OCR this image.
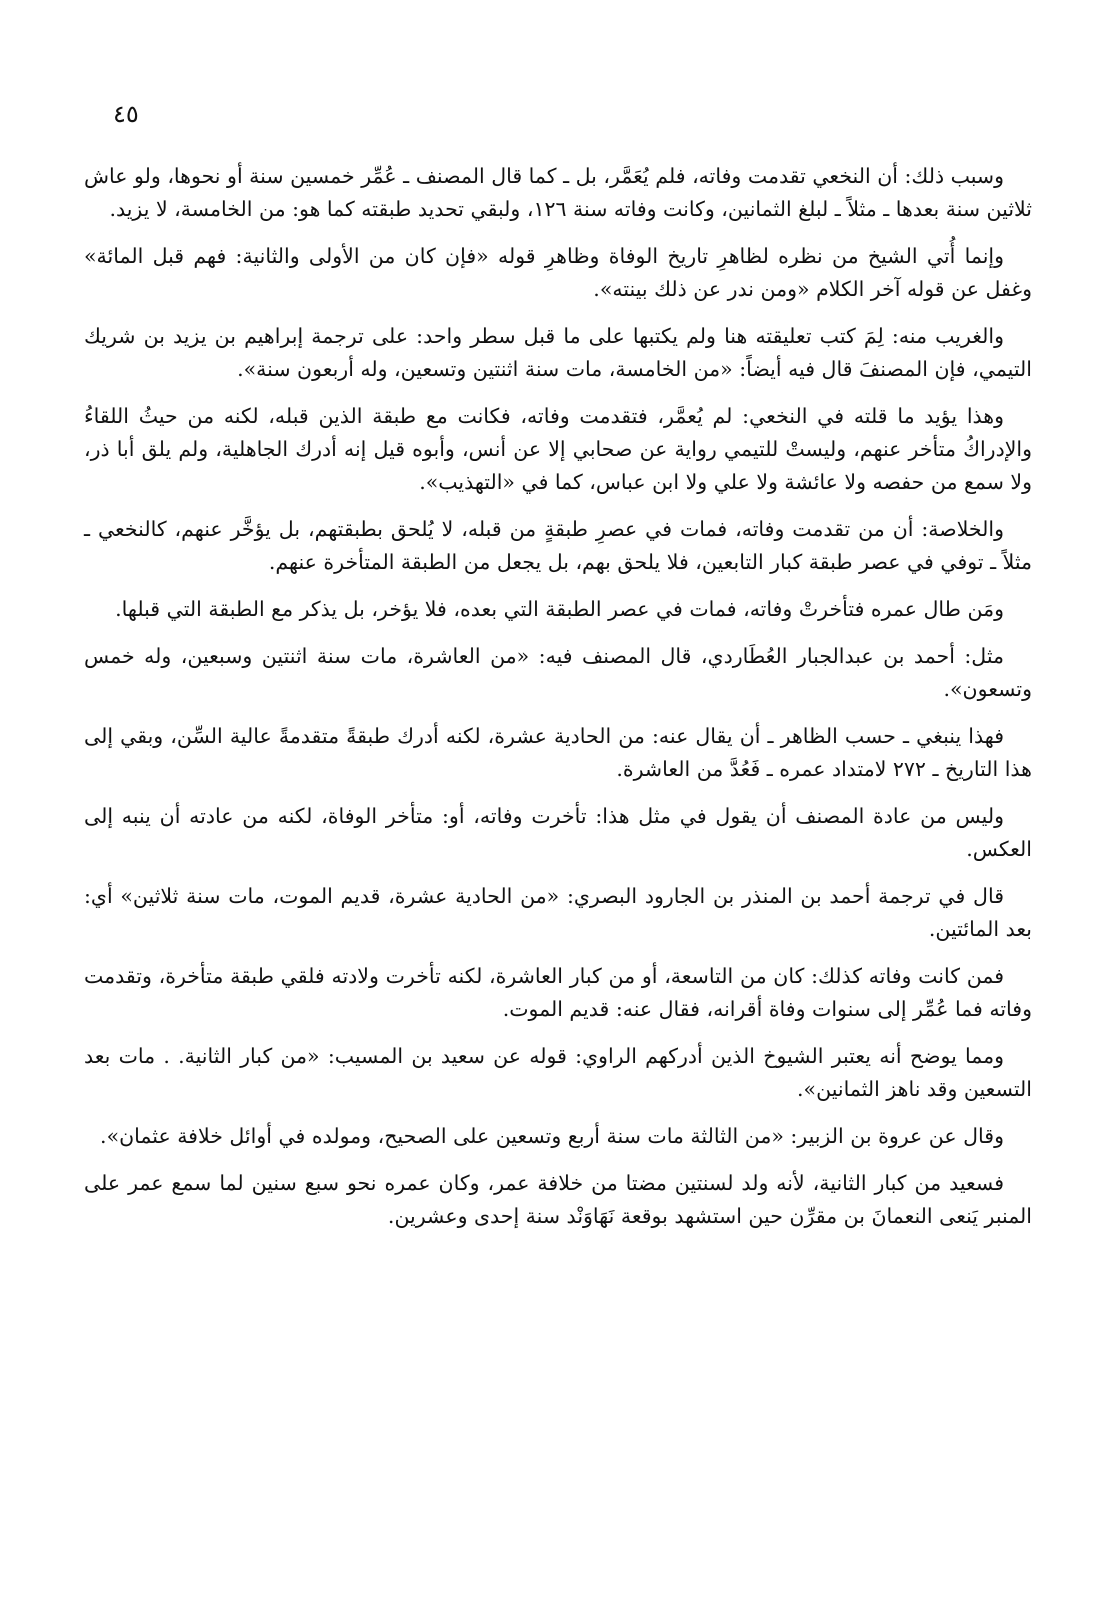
٤٥

وسبب ذلك: أن النخعي تقدمت وفاته، فلم يُعَمَّر، بل ـ كما قال المصنف ـ عُمِّر خمسين سنة أو نحوها، ولو عاش ثلاثين سنة بعدها ـ مثلاً ـ لبلغ الثمانين، وكانت وفاته سنة ١٢٦، ولبقي تحديد طبقته كما هو: من الخامسة، لا يزيد.

وإنما أُتي الشيخ من نظره لظاهرِ تاريخ الوفاة وظاهرِ قوله «فإن كان من الأولى والثانية: فهم قبل المائة» وغفل عن قوله آخر الكلام «ومن ندر عن ذلك بينته».

والغريب منه: لِمَ كتب تعليقته هنا ولم يكتبها على ما قبل سطر واحد: على ترجمة إبراهيم بن يزيد بن شريك التيمي، فإن المصنفَ قال فيه أيضاً: «من الخامسة، مات سنة اثنتين وتسعين، وله أربعون سنة».

وهذا يؤيد ما قلته في النخعي: لم يُعمَّر، فتقدمت وفاته، فكانت مع طبقة الذين قبله، لكنه من حيثُ اللقاءُ والإدراكُ متأخر عنهم، وليستْ للتيمي رواية عن صحابي إلا عن أنس، وأبوه قيل إنه أدرك الجاهلية، ولم يلق أبا ذر، ولا سمع من حفصه ولا عائشة ولا علي ولا ابن عباس، كما في «التهذيب».

والخلاصة: أن من تقدمت وفاته، فمات في عصرِ طبقةٍ من قبله، لا يُلحق بطبقتهم، بل يؤخَّر عنهم، كالنخعي ـ مثلاً ـ توفي في عصر طبقة كبار التابعين، فلا يلحق بهم، بل يجعل من الطبقة المتأخرة عنهم.

ومَن طال عمره فتأخرتْ وفاته، فمات في عصر الطبقة التي بعده، فلا يؤخر، بل يذكر مع الطبقة التي قبلها.

مثل: أحمد بن عبدالجبار العُطَاردي، قال المصنف فيه: «من العاشرة، مات سنة اثنتين وسبعين، وله خمس وتسعون».

فهذا ينبغي ـ حسب الظاهر ـ أن يقال عنه: من الحادية عشرة، لكنه أدرك طبقةً متقدمةً عالية السِّن، وبقي إلى هذا التاريخ ـ ٢٧٢ لامتداد عمره ـ فَعُدَّ من العاشرة.

وليس من عادة المصنف أن يقول في مثل هذا: تأخرت وفاته، أو: متأخر الوفاة، لكنه من عادته أن ينبه إلى العكس.

قال في ترجمة أحمد بن المنذر بن الجارود البصري: «من الحادية عشرة، قديم الموت، مات سنة ثلاثين» أي: بعد المائتين.

فمن كانت وفاته كذلك: كان من التاسعة، أو من كبار العاشرة، لكنه تأخرت ولادته فلقي طبقة متأخرة، وتقدمت وفاته فما عُمِّر إلى سنوات وفاة أقرانه، فقال عنه: قديم الموت.

ومما يوضح أنه يعتبر الشيوخ الذين أدركهم الراوي: قوله عن سعيد بن المسيب: «من كبار الثانية. . مات بعد التسعين وقد ناهز الثمانين».

وقال عن عروة بن الزبير: «من الثالثة مات سنة أربع وتسعين على الصحيح، ومولده في أوائل خلافة عثمان».

فسعيد من كبار الثانية، لأنه ولد لسنتين مضتا من خلافة عمر، وكان عمره نحو سبع سنين لما سمع عمر على المنبر يَنعى النعمانَ بن مقرِّن حين استشهد بوقعة نَهَاوَنْد سنة إحدى وعشرين.
